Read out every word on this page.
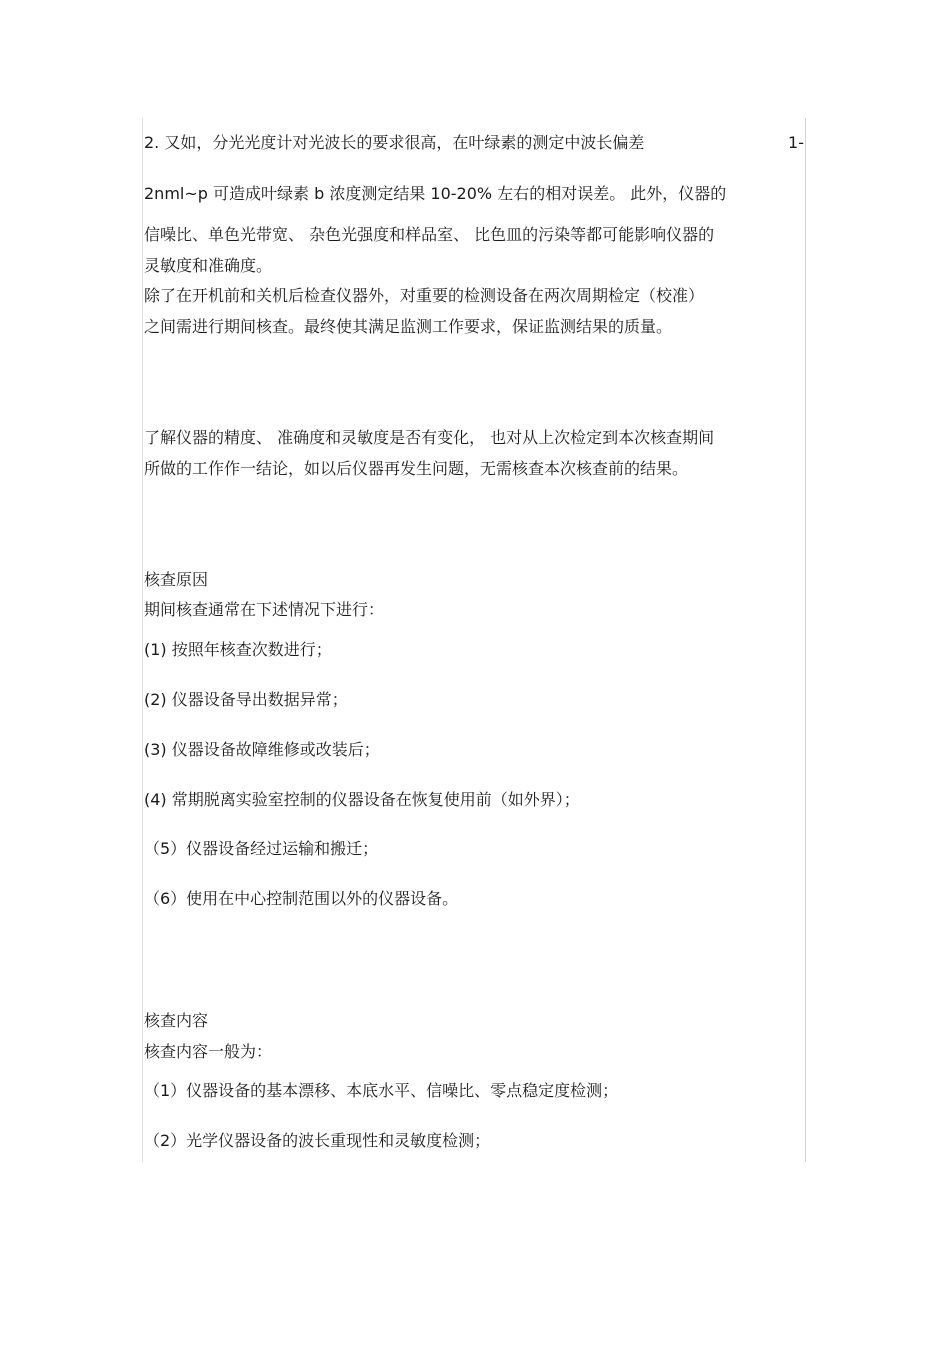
2. 又如，分光光度计对光波长的要求很高，在叶绿素的测定中波长偏差	1-
2nml~p 可造成叶绿素 b 浓度测定结果 10-20% 左右的相对误差。 此外，仪器的
信噪比、单色光带宽、 杂色光强度和样品室、 比色皿的污染等都可能影响仪器的
灵敏度和准确度。
除了在开机前和关机后检查仪器外，对重要的检测设备在两次周期检定（校准）
之间需进行期间核查。最终使其满足监测工作要求，保证监测结果的质量。
了解仪器的精度、 准确度和灵敏度是否有变化， 也对从上次检定到本次核查期间
所做的工作作一结论，如以后仪器再发生问题，无需核查本次核查前的结果。
核查原因
期间核查通常在下述情况下进行：
(1) 按照年核查次数进行；
(2) 仪器设备导出数据异常；
(3) 仪器设备故障维修或改装后；
(4) 常期脱离实验室控制的仪器设备在恢复使用前（如外界）；
（5）仪器设备经过运输和搬迁；
（6）使用在中心控制范围以外的仪器设备。
核查内容
核查内容一般为：
（1）仪器设备的基本漂移、本底水平、信噪比、零点稳定度检测；
（2）光学仪器设备的波长重现性和灵敏度检测；
